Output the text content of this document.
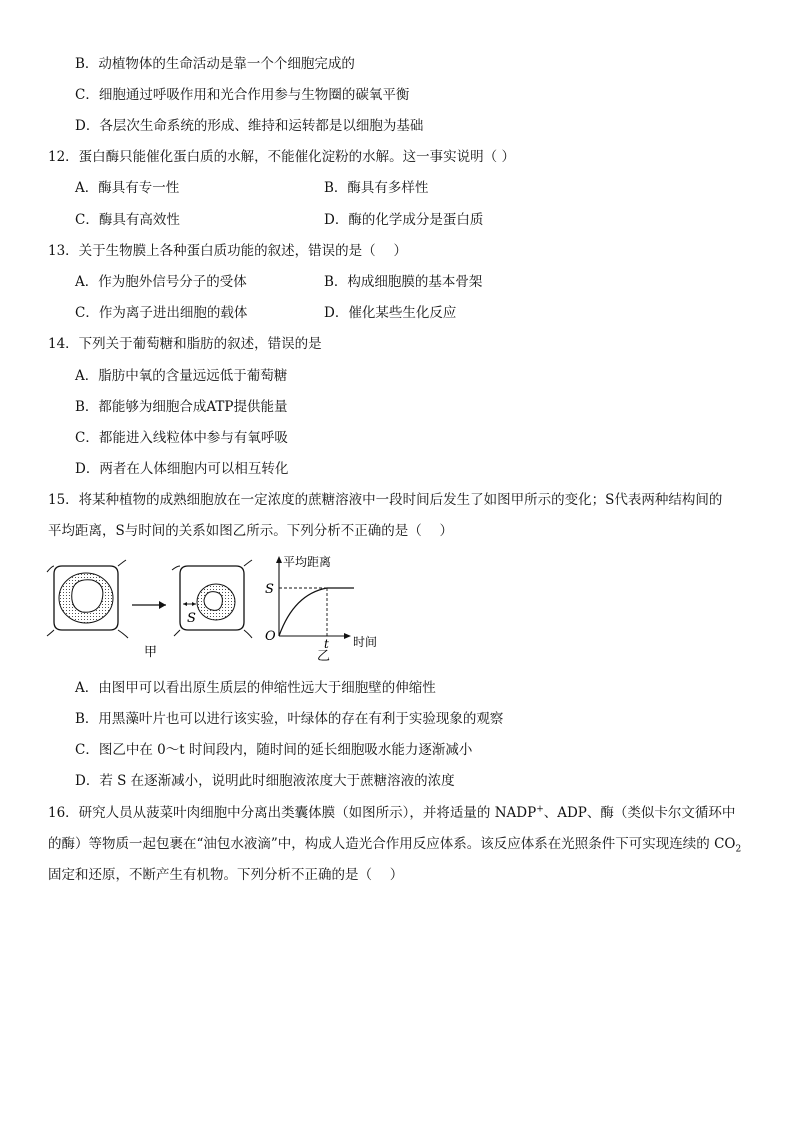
B．动植物体的生命活动是靠一个个细胞完成的
C．细胞通过呼吸作用和光合作用参与生物圈的碳氧平衡
D．各层次生命系统的形成、维持和运转都是以细胞为基础
12．蛋白酶只能催化蛋白质的水解，不能催化淀粉的水解。这一事实说明（ ）
A．酶具有专一性	B．酶具有多样性
C．酶具有高效性	D．酶的化学成分是蛋白质
13．关于生物膜上各种蛋白质功能的叙述，错误的是（　 ）
A．作为胞外信号分子的受体	B．构成细胞膜的基本骨架
C．作为离子进出细胞的载体	D．催化某些生化反应
14．下列关于葡萄糖和脂肪的叙述，错误的是
A．脂肪中氧的含量远远低于葡萄糖
B．都能够为细胞合成ATP提供能量
C．都能进入线粒体中参与有氧呼吸
D．两者在人体细胞内可以相互转化
15．将某种植物的成熟细胞放在一定浓度的蔗糖溶液中一段时间后发生了如图甲所示的变化；S代表两种结构间的
平均距离，S与时间的关系如图乙所示。下列分析不正确的是（　 ）
S
甲
平均距离
S
O	t 时间
乙
A．由图甲可以看出原生质层的伸缩性远大于细胞壁的伸缩性
B．用黑藻叶片也可以进行该实验，叶绿体的存在有利于实验现象的观察
C．图乙中在 0～t 时间段内，随时间的延长细胞吸水能力逐渐减小
D．若 S 在逐渐减小，说明此时细胞液浓度大于蔗糖溶液的浓度
16．研究人员从菠菜叶肉细胞中分离出类囊体膜（如图所示），并将适量的 NADP+、ADP、酶（类似卡尔文循环中的酶）等物质一起包裹在“油包水液滴”中，构成人造光合作用反应体系。该反应体系在光照条件下可实现连续的 $CO_2$固定和还原，不断产生有机物。下列分析不正确的是（　 ）
